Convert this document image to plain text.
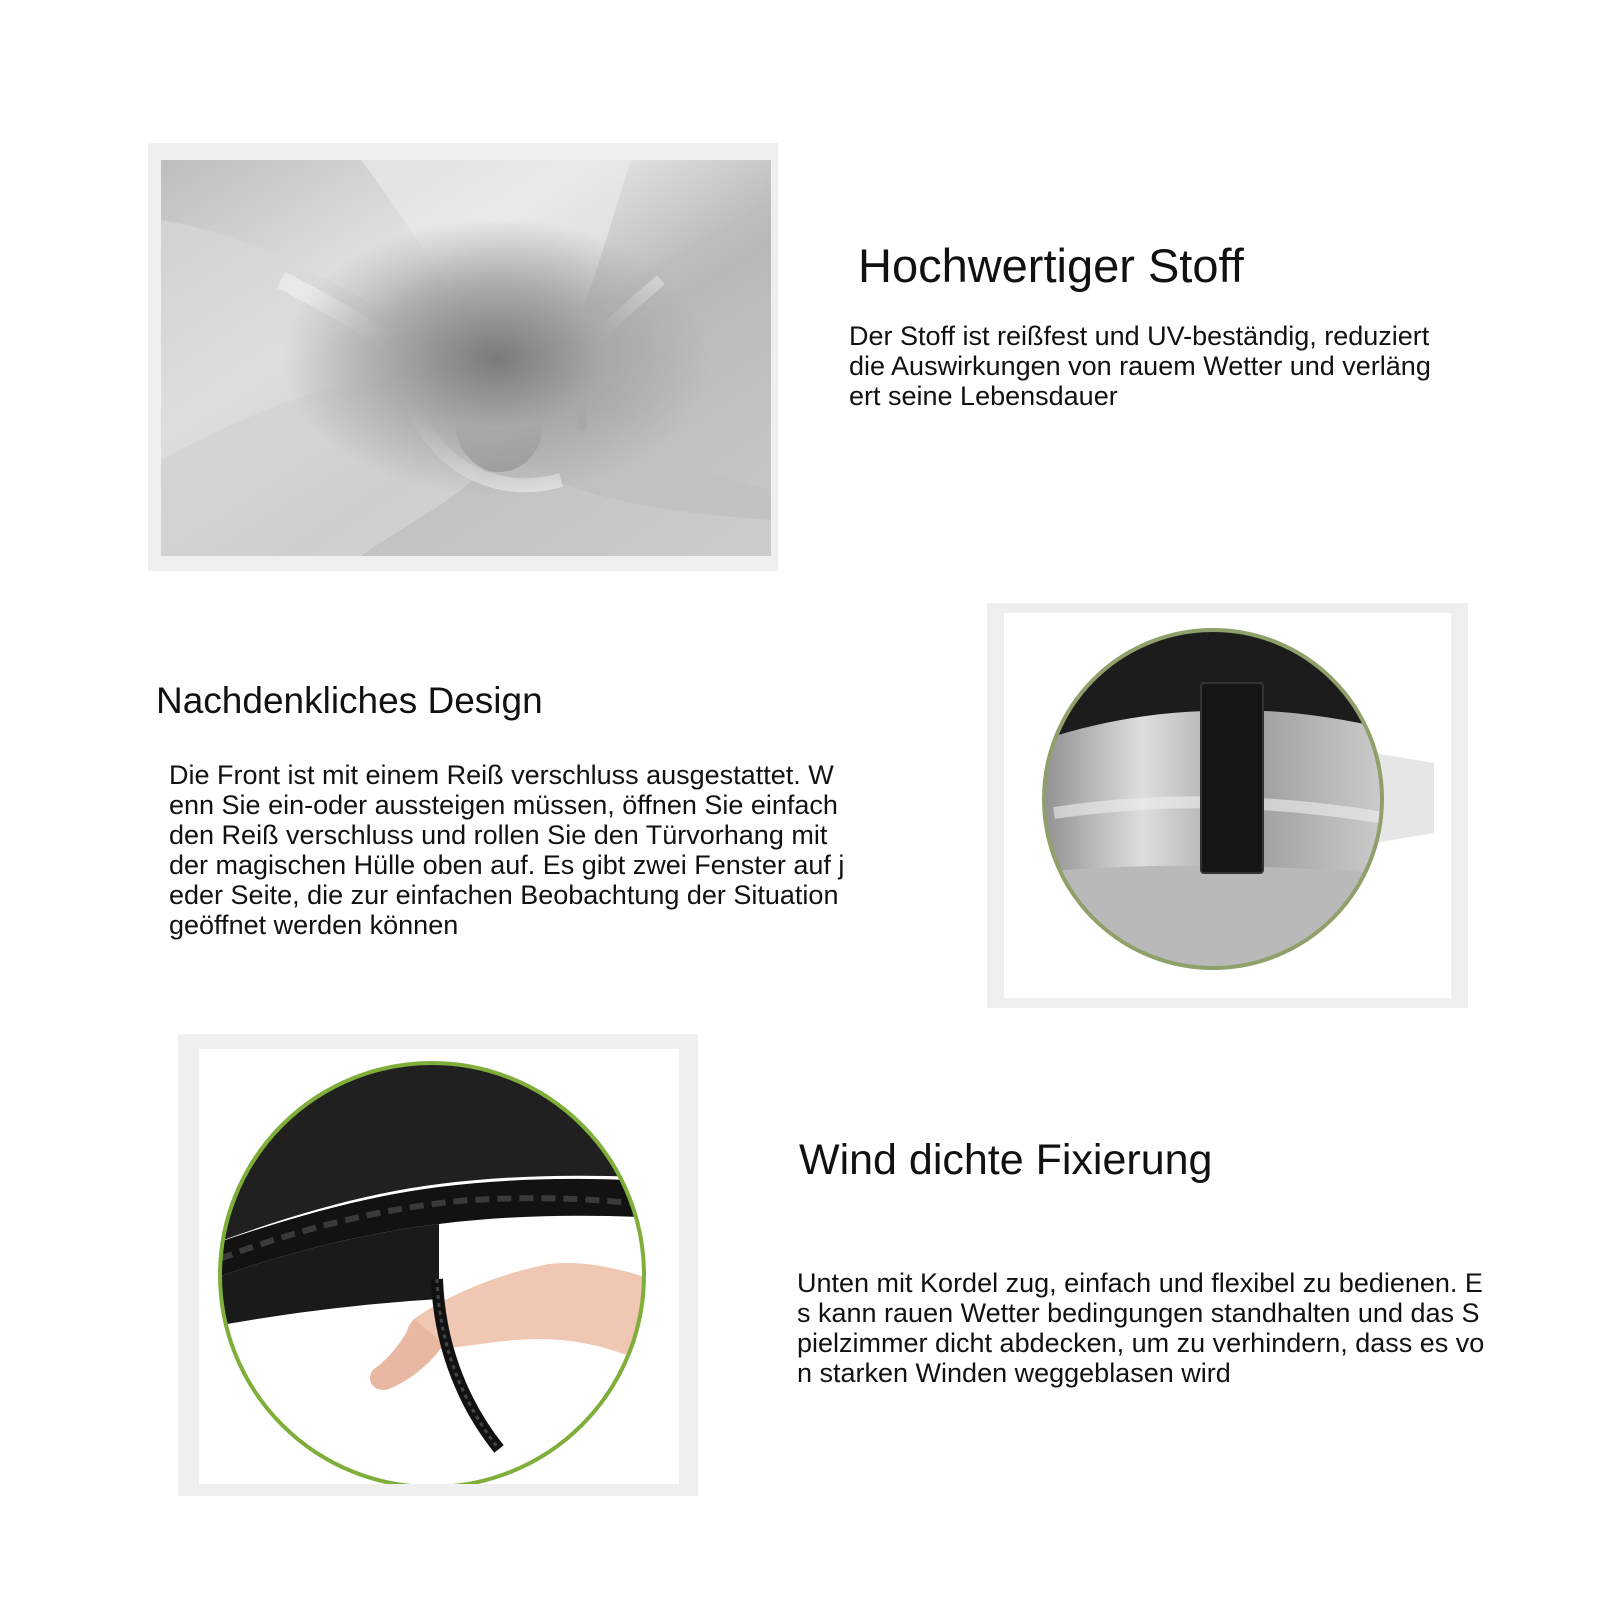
Hochwertiger Stoff

Der Stoff ist reißfest und UV-beständig, reduziert die Auswirkungen von rauem Wetter und verlängert seine Lebensdauer

Nachdenkliches Design

Die Front ist mit einem Reiß verschluss ausgestattet. Wenn Sie ein-oder aussteigen müssen, öffnen Sie einfach den Reiß verschluss und rollen Sie den Türvorhang mit der magischen Hülle oben auf. Es gibt zwei Fenster auf jeder Seite, die zur einfachen Beobachtung der Situation geöffnet werden können

Wind dichte Fixierung

Unten mit Kordel zug, einfach und flexibel zu bedienen. Es kann rauen Wetter bedingungen standhalten und das Spielzimmer dicht abdecken, um zu verhindern, dass es von starken Winden weggeblasen wird
